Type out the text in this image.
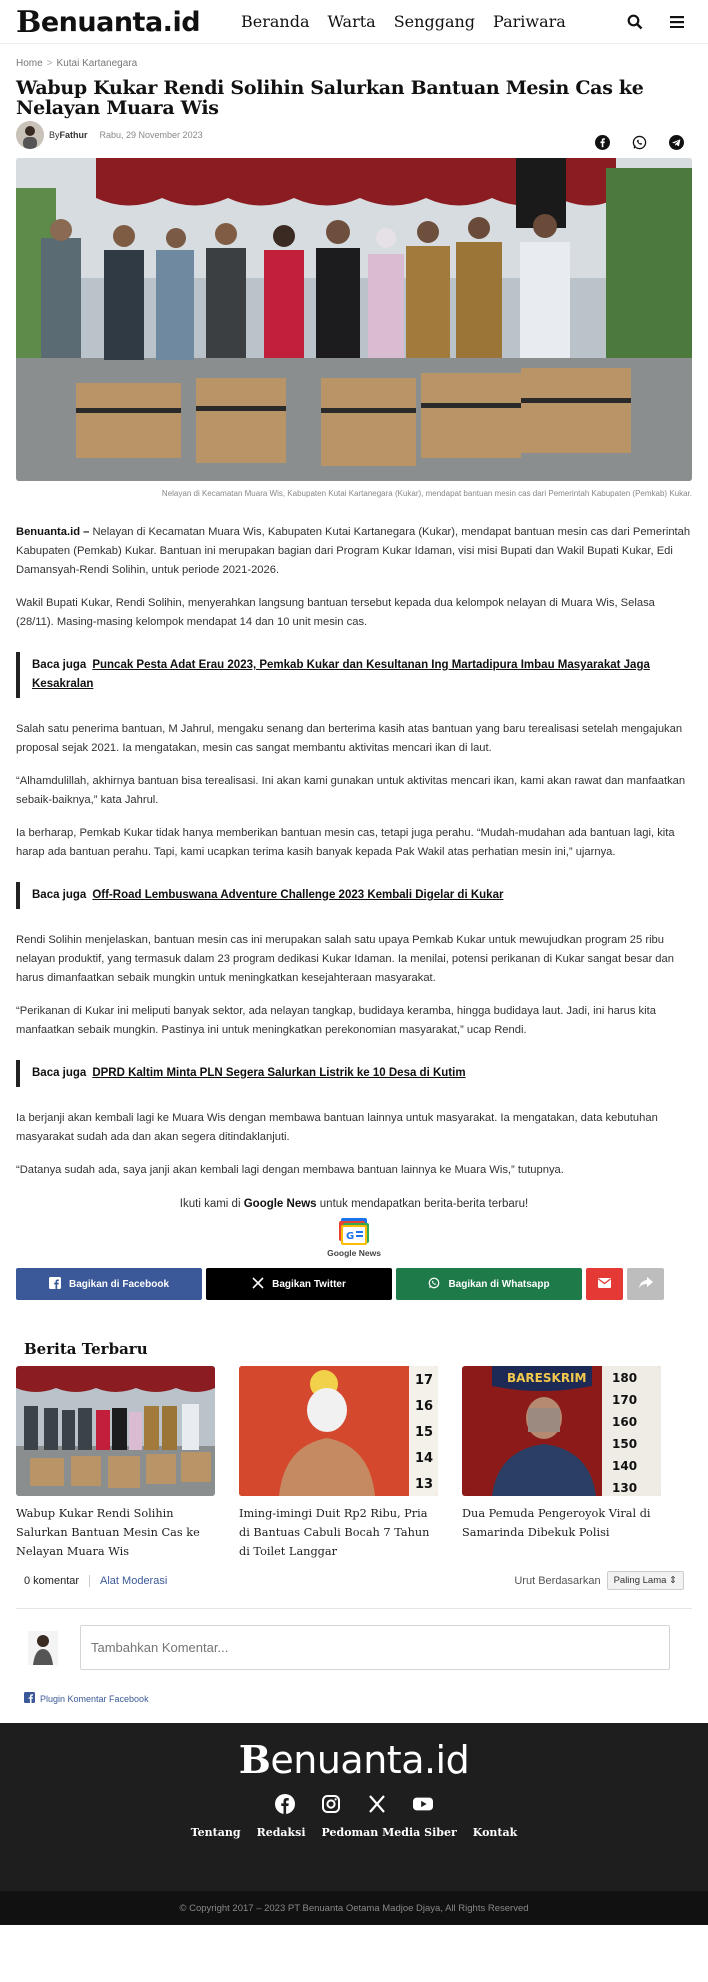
Benuanta.id	Beranda Warta Senggang Pariwara
Home > Kutai Kartanegara
Wabup Kukar Rendi Solihin Salurkan Bantuan Mesin Cas ke Nelayan Muara Wis
ByFathur Rabu, 29 November 2023
Nelayan di Kecamatan Muara Wis, Kabupaten Kutai Kartanegara (Kukar), mendapat bantuan mesin cas dari Pemerintah Kabupaten (Pemkab) Kukar.

Benuanta.id – Nelayan di Kecamatan Muara Wis, Kabupaten Kutai Kartanegara (Kukar), mendapat bantuan mesin cas dari Pemerintah Kabupaten (Pemkab) Kukar. Bantuan ini merupakan bagian dari Program Kukar Idaman, visi misi Bupati dan Wakil Bupati Kukar, Edi Damansyah-Rendi Solihin, untuk periode 2021-2026.

Wakil Bupati Kukar, Rendi Solihin, menyerahkan langsung bantuan tersebut kepada dua kelompok nelayan di Muara Wis, Selasa (28/11). Masing-masing kelompok mendapat 14 dan 10 unit mesin cas.

Baca juga Puncak Pesta Adat Erau 2023, Pemkab Kukar dan Kesultanan Ing Martadipura Imbau Masyarakat Jaga Kesakralan

Salah satu penerima bantuan, M Jahrul, mengaku senang dan berterima kasih atas bantuan yang baru terealisasi setelah mengajukan proposal sejak 2021. Ia mengatakan, mesin cas sangat membantu aktivitas mencari ikan di laut.

“Alhamdulillah, akhirnya bantuan bisa terealisasi. Ini akan kami gunakan untuk aktivitas mencari ikan, kami akan rawat dan manfaatkan sebaik-baiknya,” kata Jahrul.

Ia berharap, Pemkab Kukar tidak hanya memberikan bantuan mesin cas, tetapi juga perahu. “Mudah-mudahan ada bantuan lagi, kita harap ada bantuan perahu. Tapi, kami ucapkan terima kasih banyak kepada Pak Wakil atas perhatian mesin ini,” ujarnya.

Baca juga Off-Road Lembuswana Adventure Challenge 2023 Kembali Digelar di Kukar

Rendi Solihin menjelaskan, bantuan mesin cas ini merupakan salah satu upaya Pemkab Kukar untuk mewujudkan program 25 ribu nelayan produktif, yang termasuk dalam 23 program dedikasi Kukar Idaman. Ia menilai, potensi perikanan di Kukar sangat besar dan harus dimanfaatkan sebaik mungkin untuk meningkatkan kesejahteraan masyarakat.

“Perikanan di Kukar ini meliputi banyak sektor, ada nelayan tangkap, budidaya keramba, hingga budidaya laut. Jadi, ini harus kita manfaatkan sebaik mungkin. Pastinya ini untuk meningkatkan perekonomian masyarakat,” ucap Rendi.

Baca juga DPRD Kaltim Minta PLN Segera Salurkan Listrik ke 10 Desa di Kutim

Ia berjanji akan kembali lagi ke Muara Wis dengan membawa bantuan lainnya untuk masyarakat. Ia mengatakan, data kebutuhan masyarakat sudah ada dan akan segera ditindaklanjuti.

“Datanya sudah ada, saya janji akan kembali lagi dengan membawa bantuan lainnya ke Muara Wis,” tutupnya.

Ikuti kami di Google News untuk mendapatkan berita-berita terbaru!
G
Google News
Bagikan di Facebook	Bagikan Twitter	Bagikan di Whatsapp
Berita Terbaru
Wabup Kukar Rendi Solihin Salurkan Bantuan Mesin Cas ke Nelayan Muara Wis
17
16
15
14
13
Iming-imingi Duit Rp2 Ribu, Pria di Bantuas Cabuli Bocah 7 Tahun di Toilet Langgar
180
170
160
150
140
130
BARESKRIM
Dua Pemuda Pengeroyok Viral di Samarinda Dibekuk Polisi
0 komentar Alat Moderasi	Urut Berdasarkan	Paling Lama ⇕
Tambahkan Komentar...
Plugin Komentar Facebook
Benuanta.id
Tentang Redaksi Pedoman Media Siber Kontak
© Copyright 2017 – 2023 PT Benuanta Oetama Madjoe Djaya, All Rights Reserved
